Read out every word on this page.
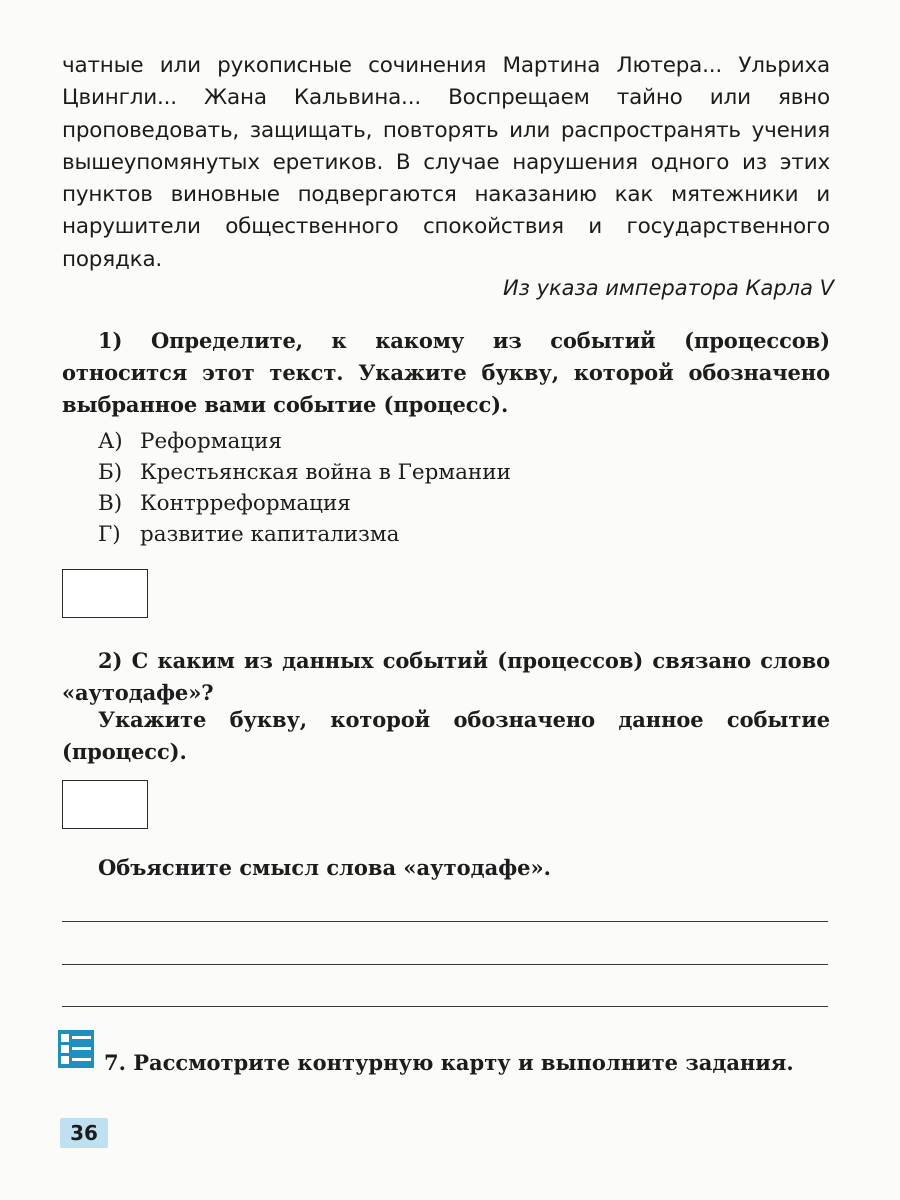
чатные или рукописные сочинения Мартина Лютера... Ульриха Цвингли... Жана Кальвина... Воспрещаем тайно или явно проповедовать, защищать, повторять или распространять учения вышеупомянутых еретиков. В случае нарушения одного из этих пунктов виновные подвергаются наказанию как мятежники и нарушители общественного спокойствия и государственного порядка.

Из указа императора Карла V

1) Определите, к какому из событий (процессов) относится этот текст. Укажите букву, которой обозначено выбранное вами событие (процесс).

А) Реформация
Б) Крестьянская война в Германии
В) Контрреформация
Г) развитие капитализма

2) С каким из данных событий (процессов) связано слово «аутодафе»?

Укажите букву, которой обозначено данное событие (процесс).

Объясните смысл слова «аутодафе».

7. Рассмотрите контурную карту и выполните задания.

36
